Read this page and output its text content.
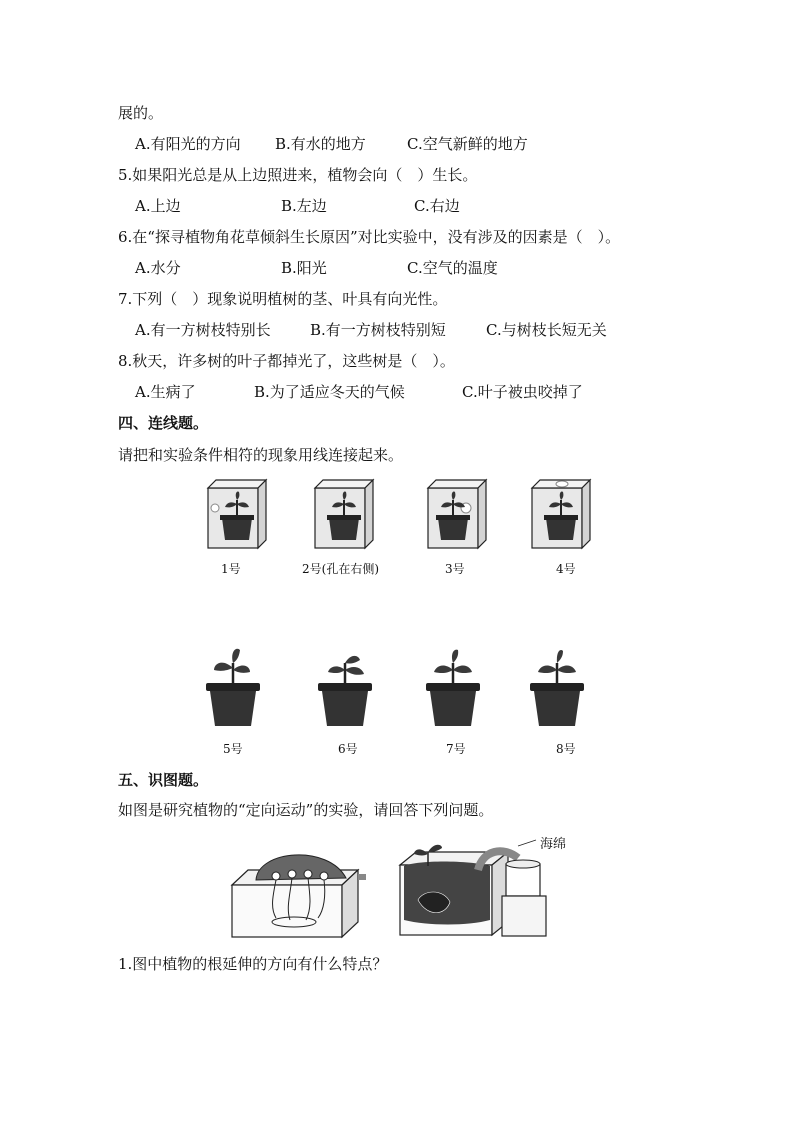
展的。
A.有阳光的方向 B.有水的地方	C.空气新鲜的地方
5.如果阳光总是从上边照进来，植物会向（　）生长。
A.上边	B.左边	C.右边
6.在“探寻植物角花草倾斜生长原因”对比实验中，没有涉及的因素是（　）。
A.水分	B.阳光	C.空气的温度
7.下列（　）现象说明植树的茎、叶具有向光性。
A.有一方树枝特别长	B.有一方树枝特别短	C.与树枝长短无关
8.秋天，许多树的叶子都掉光了，这些树是（　）。
A.生病了	B.为了适应冬天的气候	C.叶子被虫咬掉了
四、连线题。
请把和实验条件相符的现象用线连接起来。
1号	2号(孔在右侧)	3号	4号
5号	6号	7号	8号
五、识图题。
如图是研究植物的“定向运动”的实验，请回答下列问题。
海绵
1.图中植物的根延伸的方向有什么特点？
